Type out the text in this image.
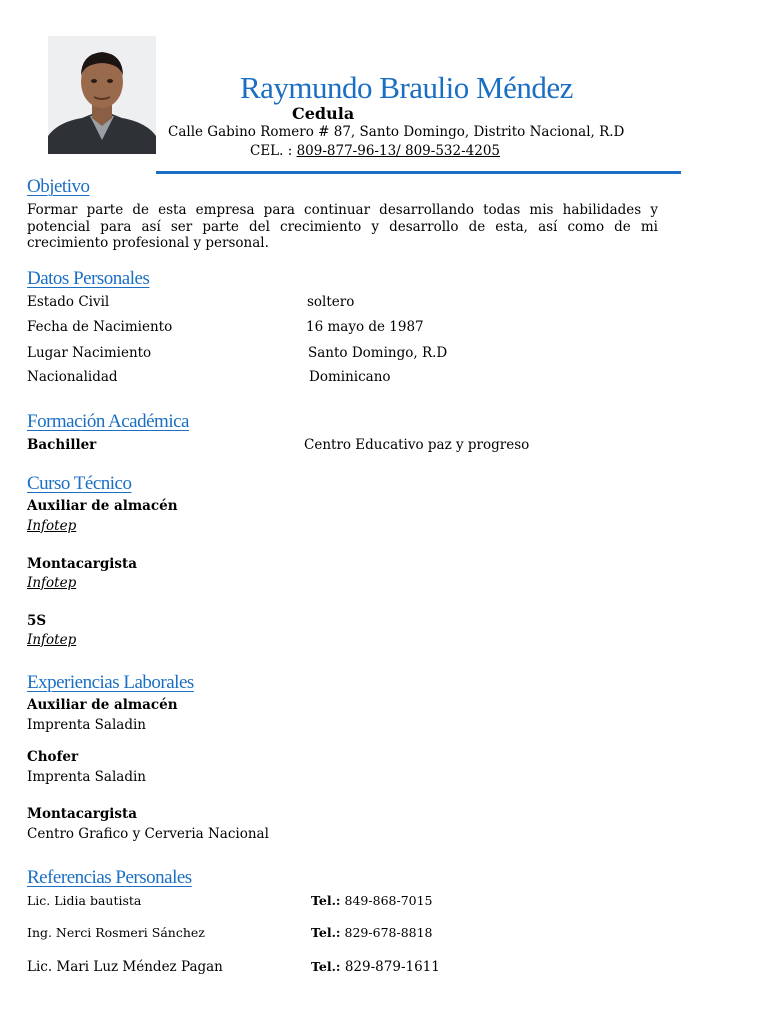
Raymundo Braulio Méndez
Cedula
Calle Gabino Romero # 87, Santo Domingo, Distrito Nacional, R.D
CEL. : 809-877-96-13/ 809-532-4205
Objetivo
Formar parte de esta empresa para continuar desarrollando todas mis habilidades y potencial para así ser parte del crecimiento y desarrollo de esta, así como de mi crecimiento profesional y personal.
Datos Personales
Estado Civil	soltero
Fecha de Nacimiento	16 mayo de 1987
Lugar Nacimiento	Santo Domingo, R.D
Nacionalidad	Dominicano
Formación Académica
Bachiller	Centro Educativo paz y progreso
Curso Técnico
Auxiliar de almacén
Infotep
Montacargista
Infotep
5S
Infotep
Experiencias Laborales
Auxiliar de almacén
Imprenta Saladin
Chofer
Imprenta Saladin
Montacargista
Centro Grafico y Cerveria Nacional
Referencias Personales
Lic. Lidia bautista	Tel.: 849-868-7015
Ing. Nerci Rosmeri Sánchez	Tel.: 829-678-8818
Lic. Mari Luz Méndez Pagan	Tel.: 829-879-1611
